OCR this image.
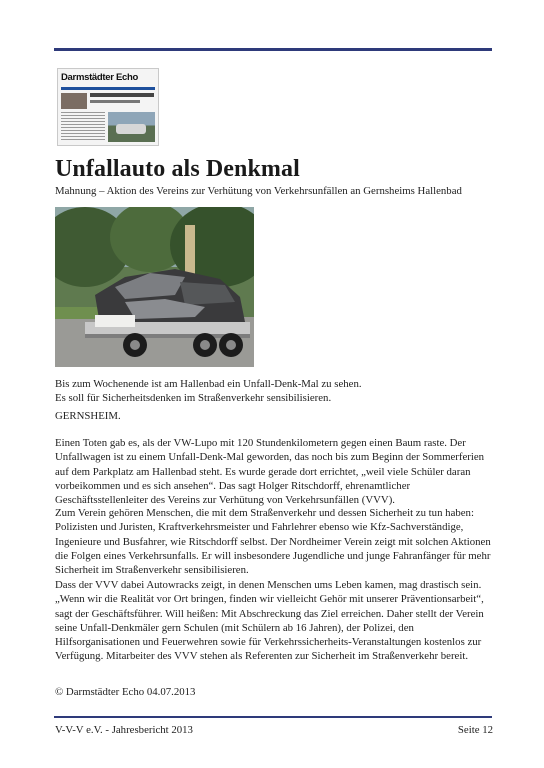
Darmstädter Echo
Unfallauto als Denkmal
Mahnung – Aktion des Vereins zur Verhütung von Verkehrsunfällen an Gernsheims Hallenbad
Bis zum Wochenende ist am Hallenbad ein Unfall-Denk-Mal zu sehen.
Es soll für Sicherheitsdenken im Straßenverkehr sensibilisieren.
GERNSHEIM.
Einen Toten gab es, als der VW-Lupo mit 120 Stundenkilometern gegen einen Baum raste. Der Unfallwagen ist zu einem Unfall-Denk-Mal geworden, das noch bis zum Beginn der Sommerferien auf dem Parkplatz am Hallenbad steht. Es wurde gerade dort errichtet, „weil viele Schüler daran vorbeikommen und es sich ansehen“. Das sagt Holger Ritschdorff, ehrenamtlicher Geschäftsstellenleiter des Vereins zur Verhütung von Verkehrsunfällen (VVV).
Zum Verein gehören Menschen, die mit dem Straßenverkehr und dessen Sicherheit zu tun haben: Polizisten und Juristen, Kraftverkehrsmeister und Fahrlehrer ebenso wie Kfz-Sachverständige, Ingenieure und Busfahrer, wie Ritschdorff selbst. Der Nordheimer Verein zeigt mit solchen Aktionen die Folgen eines Verkehrsunfalls. Er will insbesondere Jugendliche und junge Fahranfänger für mehr Sicherheit im Straßenverkehr sensibilisieren.
Dass der VVV dabei Autowracks zeigt, in denen Menschen ums Leben kamen, mag drastisch sein. „Wenn wir die Realität vor Ort bringen, finden wir vielleicht Gehör mit unserer Präventionsarbeit“, sagt der Geschäftsführer. Will heißen: Mit Abschreckung das Ziel erreichen. Daher stellt der Verein seine Unfall-Denkmäler gern Schulen (mit Schülern ab 16 Jahren), der Polizei, den Hilfsorganisationen und Feuerwehren sowie für Verkehrssicherheits-Veranstaltungen kostenlos zur Verfügung. Mitarbeiter des VVV stehen als Referenten zur Sicherheit im Straßenverkehr bereit.
© Darmstädter Echo 04.07.2013
V-V-V e.V. - Jahresbericht 2013	Seite 12
